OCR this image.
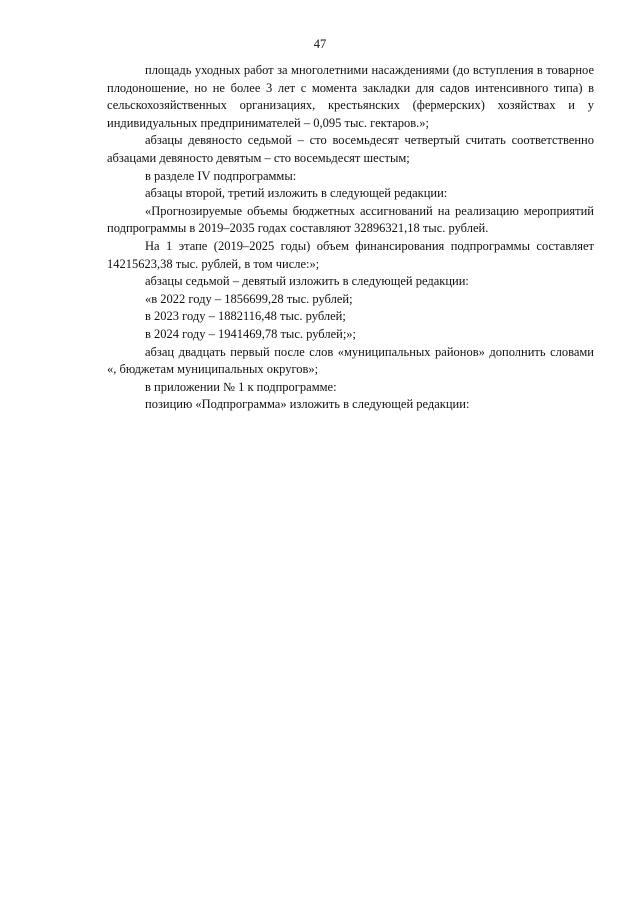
47

площадь уходных работ за многолетними насаждениями (до вступления в товарное плодоношение, но не более 3 лет с момента закладки для садов интенсивного типа) в сельскохозяйственных организациях, крестьянских (фермерских) хозяйствах и у индивидуальных предпринимателей – 0,095 тыс. гектаров.»;

абзацы девяносто седьмой – сто восемьдесят четвертый считать соответственно абзацами девяносто девятым – сто восемьдесят шестым;

в разделе IV подпрограммы:

абзацы второй, третий изложить в следующей редакции:

«Прогнозируемые объемы бюджетных ассигнований на реализацию мероприятий подпрограммы в 2019–2035 годах составляют 32896321,18 тыс. рублей.

На 1 этапе (2019–2025 годы) объем финансирования подпрограммы составляет 14215623,38 тыс. рублей, в том числе:»;

абзацы седьмой – девятый изложить в следующей редакции:

«в 2022 году – 1856699,28 тыс. рублей;

в 2023 году – 1882116,48 тыс. рублей;

в 2024 году – 1941469,78 тыс. рублей;»;

абзац двадцать первый после слов «муниципальных районов» дополнить словами «, бюджетам муниципальных округов»;

в приложении № 1 к подпрограмме:

позицию «Подпрограмма» изложить в следующей редакции:
